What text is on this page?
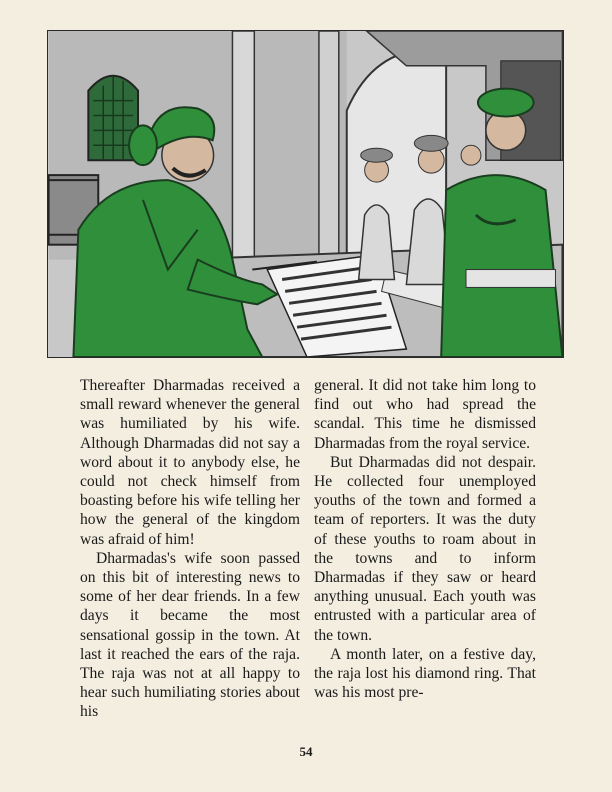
Thereafter Dharmadas received a small reward whenever the general was humiliated by his wife. Although Dharmadas did not say a word about it to anybody else, he could not check himself from boasting before his wife telling her how the general of the kingdom was afraid of him!

Dharmadas's wife soon passed on this bit of interesting news to some of her dear friends. In a few days it became the most sensational gossip in the town. At last it reached the ears of the raja. The raja was not at all happy to hear such humiliating stories about his

general. It did not take him long to find out who had spread the scandal. This time he dismissed Dharmadas from the royal service.

But Dharmadas did not despair. He collected four unemployed youths of the town and formed a team of reporters. It was the duty of these youths to roam about in the towns and to inform Dharmadas if they saw or heard anything unusual. Each youth was entrusted with a particular area of the town.

A month later, on a festive day, the raja lost his diamond ring. That was his most pre-

54
